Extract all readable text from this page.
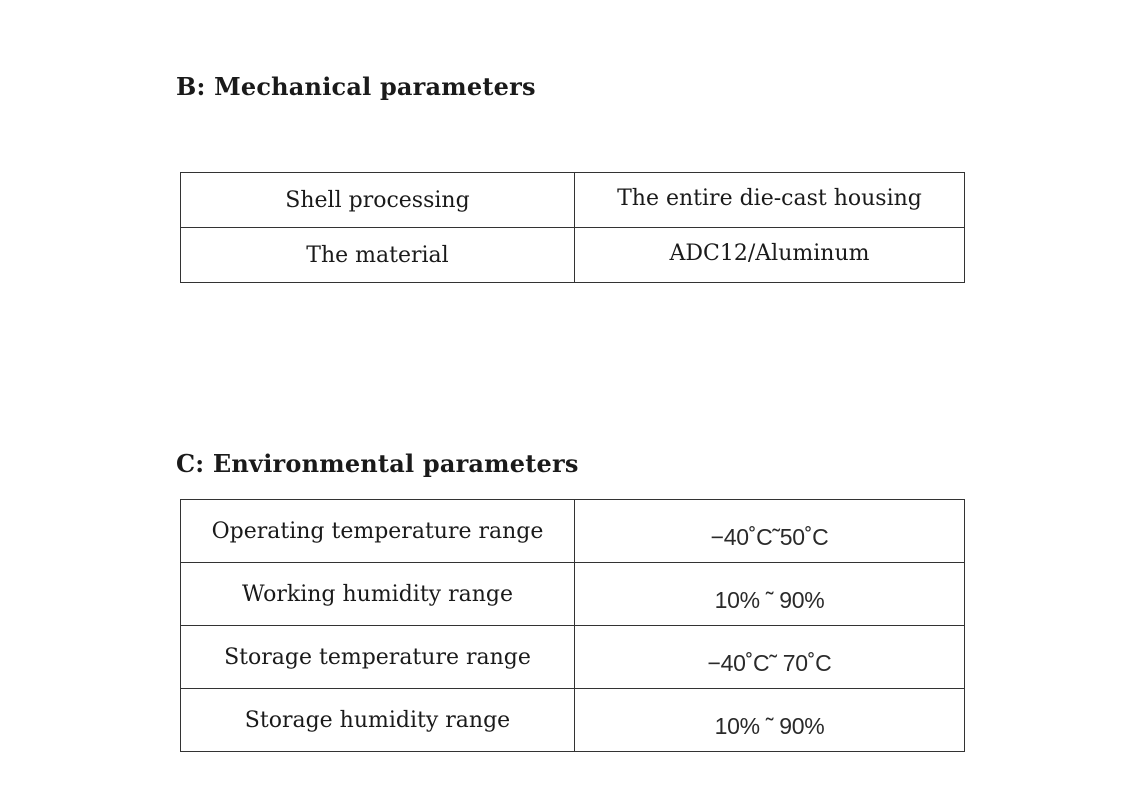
B: Mechanical parameters
Shell processing	The entire die-cast housing
The material	ADC12/Aluminum
C: Environmental parameters
Operating temperature range	−40˚C˜50˚C
Working humidity range	10% ˜ 90%
Storage temperature range	−40˚C˜ 70˚C
Storage humidity range	10% ˜ 90%
